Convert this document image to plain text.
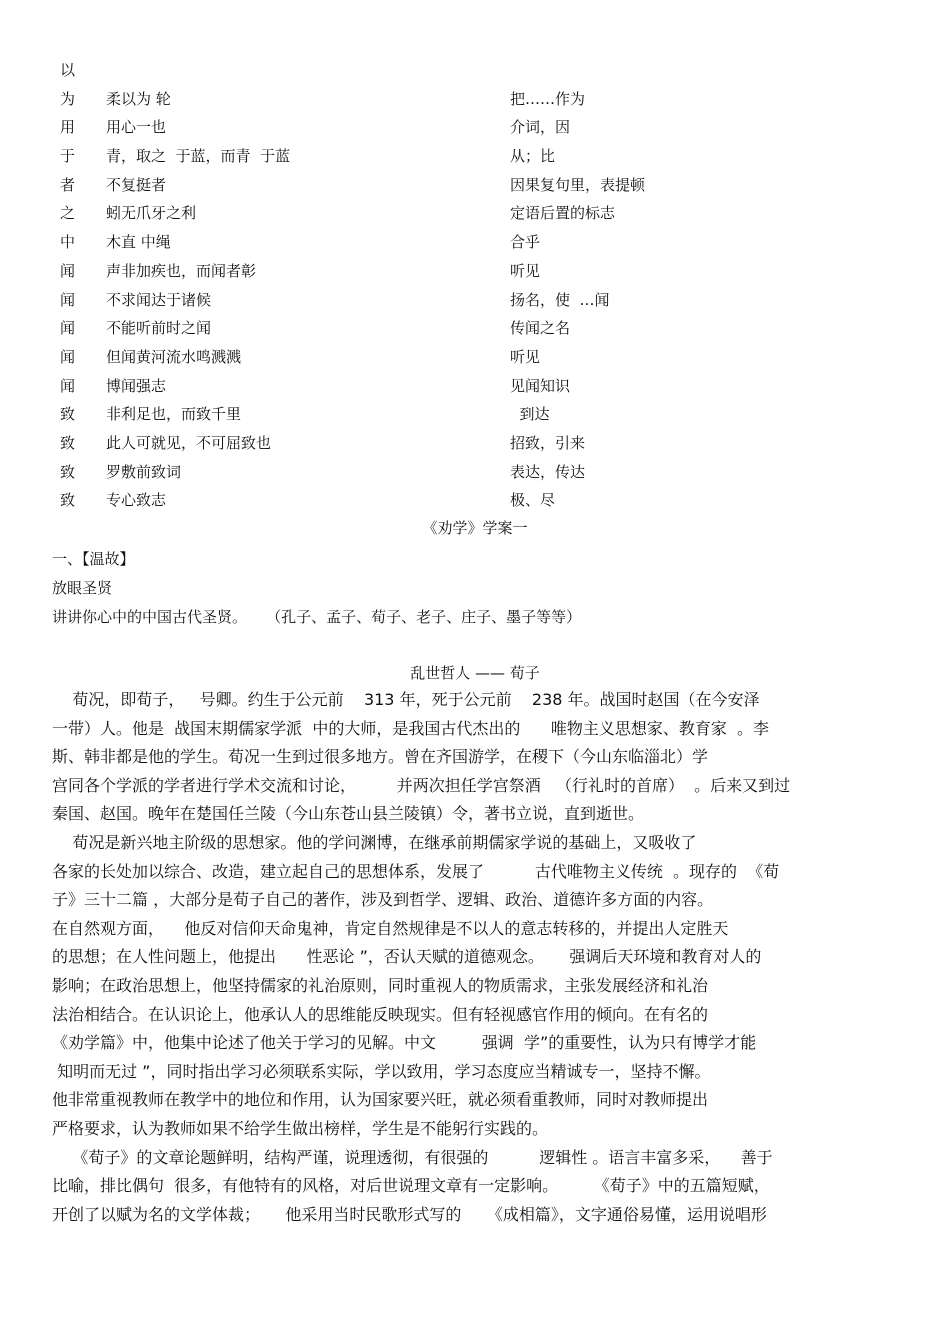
以
为	柔以为 轮	把……作为
用	用心一也	介词，因
于	青，取之  于蓝，而青  于蓝	从；比
者	不复挺者	因果复句里，表提顿
之	蚓无爪牙之利	定语后置的标志
中	木直 中绳	合乎
闻	声非加疾也，而闻者彰	听见
闻	不求闻达于诸候	扬名，使  …闻
闻	不能听前时之闻	传闻之名
闻	但闻黄河流水鸣溅溅	听见
闻	博闻强志	见闻知识
致	非利足也，而致千里	到达
致	此人可就见，不可屈致也	招致，引来
致	罗敷前致词	表达，传达
致	专心致志	极、尽
《劝学》学案一
一、【温故】
放眼圣贤
讲讲你心中的中国古代圣贤。    （孔子、孟子、荀子、老子、庄子、墨子等等）
乱世哲人 —— 荀子
荀况，即荀子，   号卿。约生于公元前    313 年，死于公元前    238 年。战国时赵国（在今安泽
一带）人。他是  战国末期儒家学派  中的大师，是我国古代杰出的      唯物主义思想家、教育家  。李
斯、韩非都是他的学生。荀况一生到过很多地方。曾在齐国游学，在稷下（今山东临淄北）学
宫同各个学派的学者进行学术交流和讨论，        并两次担任学宫祭酒   （行礼时的首席）  。后来又到过
秦国、赵国。晚年在楚国任兰陵（今山东苍山县兰陵镇）令，著书立说，直到逝世。
荀况是新兴地主阶级的思想家。他的学问渊博，在继承前期儒家学说的基础上，又吸收了
各家的长处加以综合、改造，建立起自己的思想体系，发展了          古代唯物主义传统  。现存的  《荀
子》三十二篇 ，大部分是荀子自己的著作，涉及到哲学、逻辑、政治、道德许多方面的内容。
在自然观方面，    他反对信仰天命鬼神，肯定自然规律是不以人的意志转移的，并提出人定胜天
的思想；在人性问题上，他提出      性恶论 ”，否认天赋的道德观念。     强调后天环境和教育对人的
影响；在政治思想上，他坚持儒家的礼治原则，同时重视人的物质需求，主张发展经济和礼治
法治相结合。在认识论上，他承认人的思维能反映现实。但有轻视感官作用的倾向。在有名的
《劝学篇》中，他集中论述了他关于学习的见解。中文         强调  学”的重要性，认为只有博学才能
知明而无过 ”，同时指出学习必须联系实际，学以致用，学习态度应当精诚专一，坚持不懈。
他非常重视教师在教学中的地位和作用，认为国家要兴旺，就必须看重教师，同时对教师提出
严格要求，认为教师如果不给学生做出榜样，学生是不能躬行实践的。
《荀子》的文章论题鲜明，结构严谨，说理透彻，有很强的          逻辑性 。语言丰富多采，    善于
比喻，排比偶句  很多，有他特有的风格，对后世说理文章有一定影响。       《荀子》中的五篇短赋，
开创了以赋为名的文学体裁；     他采用当时民歌形式写的     《成相篇》，文字通俗易懂，运用说唱形
